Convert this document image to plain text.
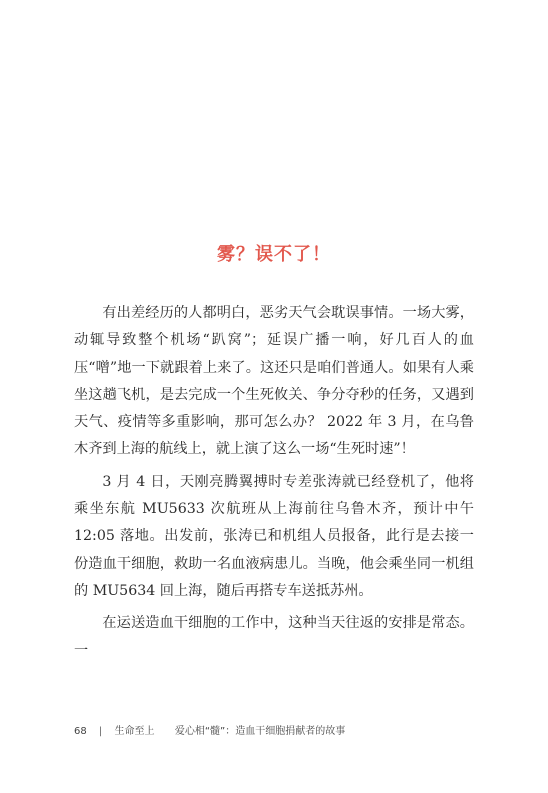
雾？误不了！

有出差经历的人都明白，恶劣天气会耽误事情。一场大雾，动辄导致整个机场“趴窝”；延误广播一响，好几百人的血压“噌”地一下就跟着上来了。这还只是咱们普通人。如果有人乘坐这趟飞机，是去完成一个生死攸关、争分夺秒的任务，又遇到天气、疫情等多重影响，那可怎么办？ 2022 年 3 月，在乌鲁木齐到上海的航线上，就上演了这么一场“生死时速”！

3 月 4 日，天刚亮腾翼搏时专差张涛就已经登机了，他将乘坐东航 MU5633 次航班从上海前往乌鲁木齐，预计中午 12:05 落地。出发前，张涛已和机组人员报备，此行是去接一份造血干细胞，救助一名血液病患儿。当晚，他会乘坐同一机组的 MU5634 回上海，随后再搭专车送抵苏州。

在运送造血干细胞的工作中，这种当天往返的安排是常态。一

68 | 生命至上 爱心相“髓”：造血干细胞捐献者的故事
